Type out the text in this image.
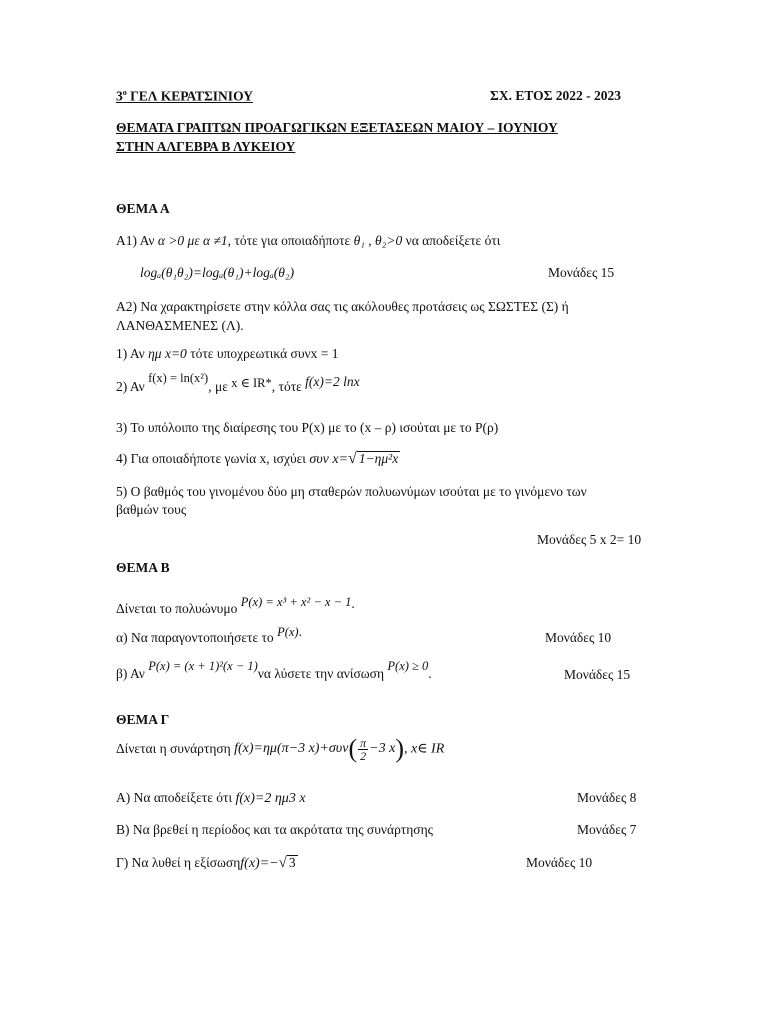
$3^o$ ΓΕΛ ΚΕΡΑΤΣΙΝΙΟΥ	ΣΧ. ΕΤΟΣ 2022 - 2023
ΘΕΜΑΤΑ ΓΡΑΠΤΩΝ ΠΡΟΑΓΩΓΙΚΩΝ ΕΞΕΤΑΣΕΩΝ ΜΑΙΟΥ – ΙΟΥΝΙΟΥ
ΣΤΗΝ ΑΛΓΕΒΡΑ Β ΛΥΚΕΙΟΥ
ΘΕΜΑ Α
Α1) Αν α >0 με α ≠1, τότε για οποιαδήποτε θ₁ , θ₂>0 να αποδείξετε ότι
logₐ(θ₁θ₂)=logₐ(θ₁)+logₐ(θ₂)	Μονάδες 15
Α2) Να χαρακτηρίσετε στην κόλλα σας τις ακόλουθες προτάσεις ως ΣΩΣΤΕΣ (Σ) ή
ΛΑΝΘΑΣΜΕΝΕΣ (Λ).
1) Αν ημ x=0 τότε υποχρεωτικά συνx = 1
2) Αν f(x) = ln(x²), με x ∈ IR*, τότε f(x)=2 lnx
3) Το υπόλοιπο της διαίρεσης του P(x) με το (x – ρ) ισούται με το P(ρ)
4) Για οποιαδήποτε γωνία x, ισχύει συν x=√ 1−ημ²x
5) Ο βαθμός του γινομένου δύο μη σταθερών πολυωνύμων ισούται με το γινόμενο των
βαθμών τους
Μονάδες 5 x 2= 10
ΘΕΜΑ Β
Δίνεται το πολυώνυμο P(x) = x³ + x² − x − 1.
α) Να παραγοντοποιήσετε το P(x).	Μονάδες 10
β) Αν P(x) = (x + 1)²(x − 1)να λύσετε την ανίσωση P(x) ≥ 0.	Μονάδες 15
ΘΕΜΑ Γ
Δίνεται η συνάρτηση f(x)=ημ(π−3 $x)+\sigma\upsilon\nu( \frac{\pi}{2} -3$ x), x∈ IR
Α) Να αποδείξετε ότι f(x)=2 ημ3 x	Μονάδες 8
Β) Να βρεθεί η περίοδος και τα ακρότατα της συνάρτησης	Μονάδες 7
Γ) Να λυθεί η εξίσωσηf(x)=−√ 3	Μονάδες 10
